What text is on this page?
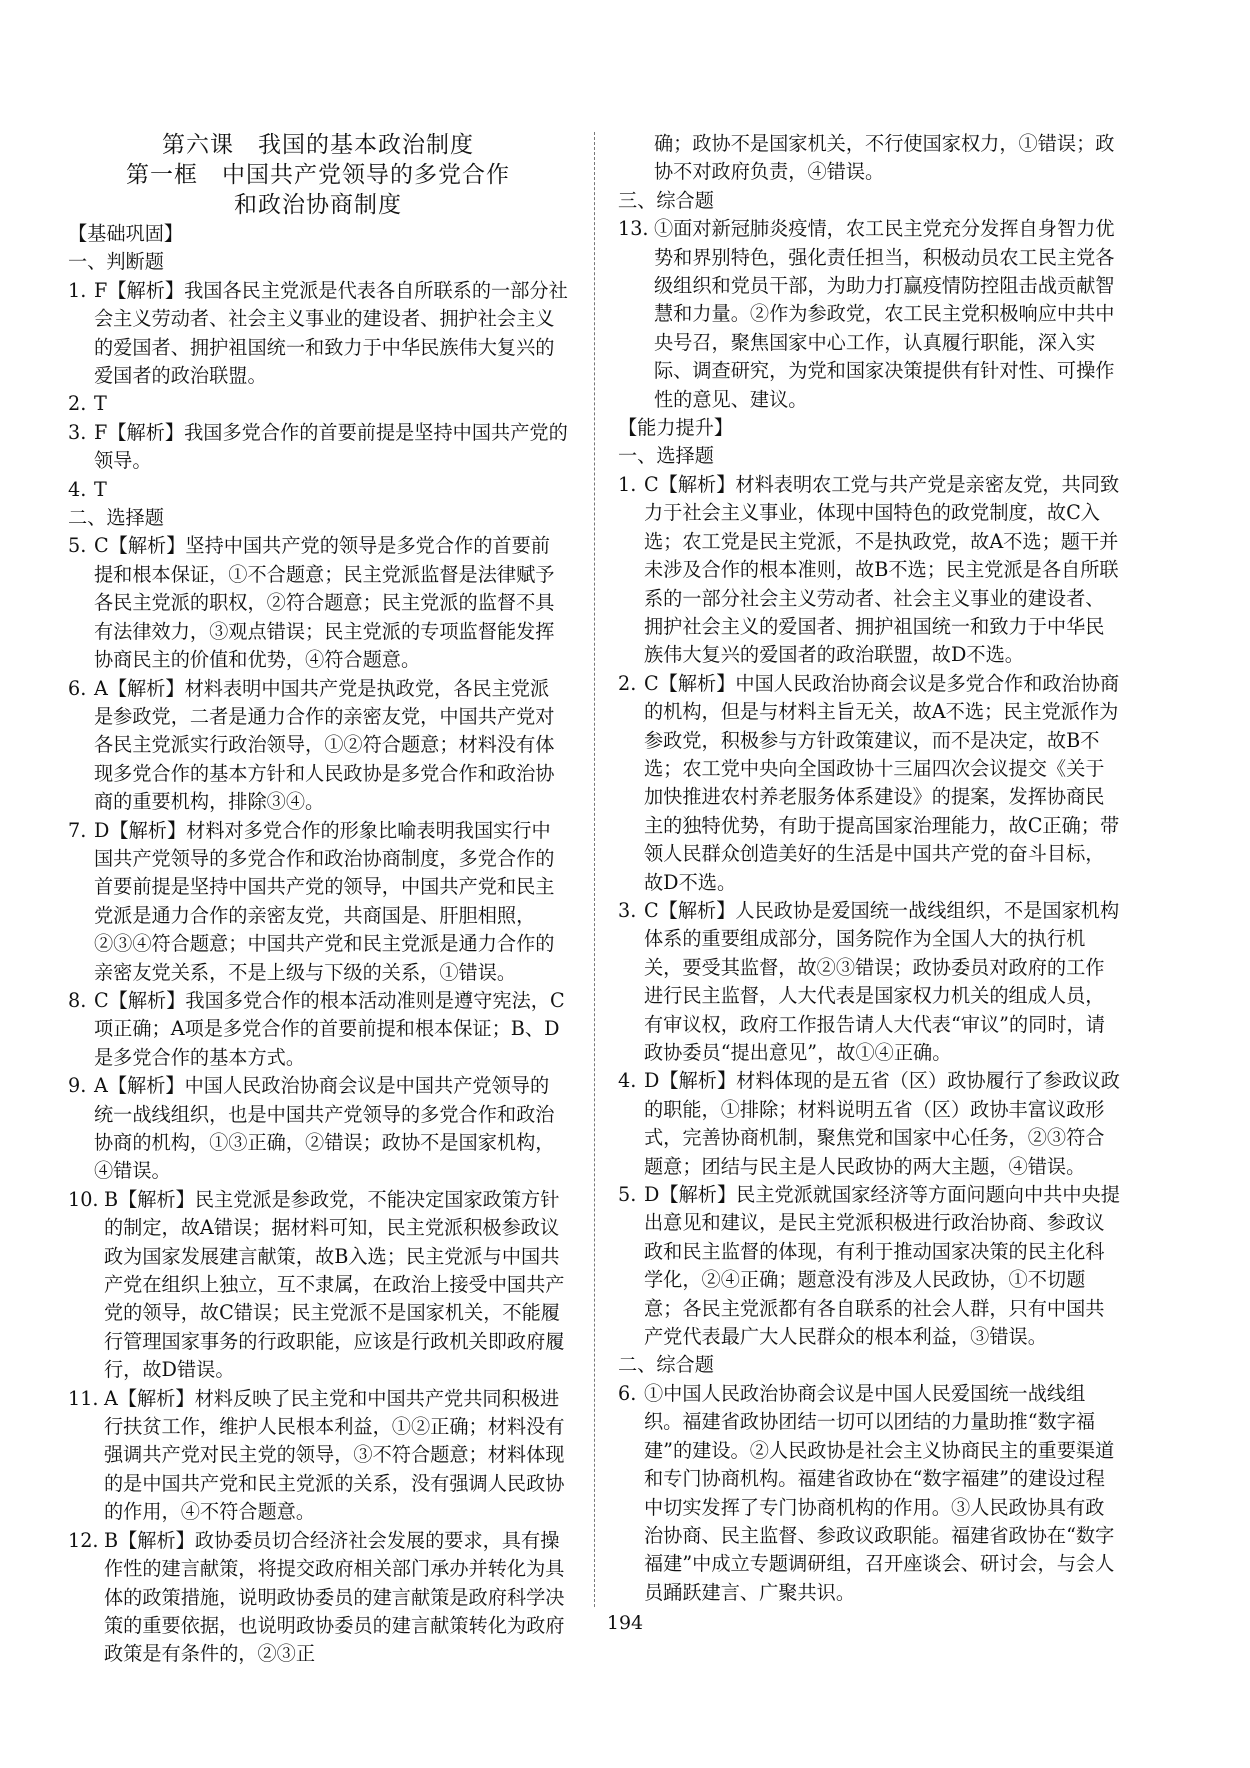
第六课　我国的基本政治制度

第一框　中国共产党领导的多党合作

和政治协商制度

【基础巩固】

一、判断题

1. F【解析】我国各民主党派是代表各自所联系的一部分社会主义劳动者、社会主义事业的建设者、拥护社会主义的爱国者、拥护祖国统一和致力于中华民族伟大复兴的爱国者的政治联盟。
2. T
3. F【解析】我国多党合作的首要前提是坚持中国共产党的领导。
4. T

二、选择题

5. C【解析】坚持中国共产党的领导是多党合作的首要前提和根本保证，①不合题意；民主党派监督是法律赋予各民主党派的职权，②符合题意；民主党派的监督不具有法律效力，③观点错误；民主党派的专项监督能发挥协商民主的价值和优势，④符合题意。
6. A【解析】材料表明中国共产党是执政党，各民主党派是参政党，二者是通力合作的亲密友党，中国共产党对各民主党派实行政治领导，①②符合题意；材料没有体现多党合作的基本方针和人民政协是多党合作和政治协商的重要机构，排除③④。
7. D【解析】材料对多党合作的形象比喻表明我国实行中国共产党领导的多党合作和政治协商制度，多党合作的首要前提是坚持中国共产党的领导，中国共产党和民主党派是通力合作的亲密友党，共商国是、肝胆相照，②③④符合题意；中国共产党和民主党派是通力合作的亲密友党关系，不是上级与下级的关系，①错误。
8. C【解析】我国多党合作的根本活动准则是遵守宪法，C项正确；A项是多党合作的首要前提和根本保证；B、D是多党合作的基本方式。
9. A【解析】中国人民政治协商会议是中国共产党领导的统一战线组织，也是中国共产党领导的多党合作和政治协商的机构，①③正确，②错误；政协不是国家机构，④错误。
10. B【解析】民主党派是参政党，不能决定国家政策方针的制定，故A错误；据材料可知，民主党派积极参政议政为国家发展建言献策，故B入选；民主党派与中国共产党在组织上独立，互不隶属，在政治上接受中国共产党的领导，故C错误；民主党派不是国家机关，不能履行管理国家事务的行政职能，应该是行政机关即政府履行，故D错误。
11. A【解析】材料反映了民主党和中国共产党共同积极进行扶贫工作，维护人民根本利益，①②正确；材料没有强调共产党对民主党的领导，③不符合题意；材料体现的是中国共产党和民主党派的关系，没有强调人民政协的作用，④不符合题意。
12. B【解析】政协委员切合经济社会发展的要求，具有操作性的建言献策，将提交政府相关部门承办并转化为具体的政策措施，说明政协委员的建言献策是政府科学决策的重要依据，也说明政协委员的建言献策转化为政府政策是有条件的，②③正

确；政协不是国家机关，不行使国家权力，①错误；政协不对政府负责，④错误。

三、综合题

13. ①面对新冠肺炎疫情，农工民主党充分发挥自身智力优势和界别特色，强化责任担当，积极动员农工民主党各级组织和党员干部，为助力打赢疫情防控阻击战贡献智慧和力量。②作为参政党，农工民主党积极响应中共中央号召，聚焦国家中心工作，认真履行职能，深入实际、调查研究，为党和国家决策提供有针对性、可操作性的意见、建议。

【能力提升】

一、选择题

1. C【解析】材料表明农工党与共产党是亲密友党，共同致力于社会主义事业，体现中国特色的政党制度，故C入选；农工党是民主党派，不是执政党，故A不选；题干并未涉及合作的根本准则，故B不选；民主党派是各自所联系的一部分社会主义劳动者、社会主义事业的建设者、拥护社会主义的爱国者、拥护祖国统一和致力于中华民族伟大复兴的爱国者的政治联盟，故D不选。
2. C【解析】中国人民政治协商会议是多党合作和政治协商的机构，但是与材料主旨无关，故A不选；民主党派作为参政党，积极参与方针政策建议，而不是决定，故B不选；农工党中央向全国政协十三届四次会议提交《关于加快推进农村养老服务体系建设》的提案，发挥协商民主的独特优势，有助于提高国家治理能力，故C正确；带领人民群众创造美好的生活是中国共产党的奋斗目标，故D不选。
3. C【解析】人民政协是爱国统一战线组织，不是国家机构体系的重要组成部分，国务院作为全国人大的执行机关，要受其监督，故②③错误；政协委员对政府的工作进行民主监督，人大代表是国家权力机关的组成人员，有审议权，政府工作报告请人大代表“审议”的同时，请政协委员“提出意见”，故①④正确。
4. D【解析】材料体现的是五省（区）政协履行了参政议政的职能，①排除；材料说明五省（区）政协丰富议政形式，完善协商机制，聚焦党和国家中心任务，②③符合题意；团结与民主是人民政协的两大主题，④错误。
5. D【解析】民主党派就国家经济等方面问题向中共中央提出意见和建议，是民主党派积极进行政治协商、参政议政和民主监督的体现，有利于推动国家决策的民主化科学化，②④正确；题意没有涉及人民政协，①不切题意；各民主党派都有各自联系的社会人群，只有中国共产党代表最广大人民群众的根本利益，③错误。

二、综合题

6. ①中国人民政治协商会议是中国人民爱国统一战线组织。福建省政协团结一切可以团结的力量助推“数字福建”的建设。②人民政协是社会主义协商民主的重要渠道和专门协商机构。福建省政协在“数字福建”的建设过程中切实发挥了专门协商机构的作用。③人民政协具有政治协商、民主监督、参政议政职能。福建省政协在“数字福建”中成立专题调研组，召开座谈会、研讨会，与会人员踊跃建言、广聚共识。
194
